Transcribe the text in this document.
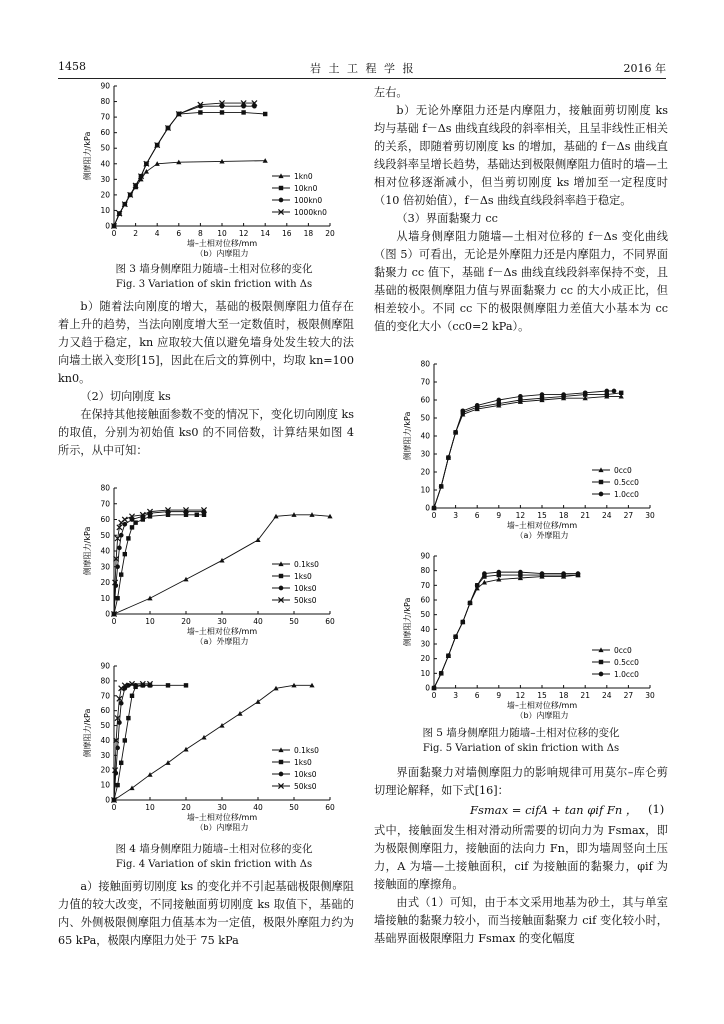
1458	岩 土 工 程 学 报	2016 年
0 2 4 6 8 10 12 14 16 18 20
0
10
20
30
40
50
60
70
80
90
墙–土相对位移/mm
（b）内摩阻力
侧摩阻力/kPa	1kn0
10kn0
100kn0
1000kn0
图 3 墙身侧摩阻力随墙–土相对位移的变化
Fig. 3 Variation of skin friction with Δs

b）随着法向刚度的增大，基础的极限侧摩阻力值存在着上升的趋势，当法向刚度增大至一定数值时，极限侧摩阻力又趋于稳定，kn 应取较大值以避免墙身处发生较大的法向墙土嵌入变形[15]，因此在后文的算例中，均取 kn=100 kn0。

（2）切向刚度 ks

在保持其他接触面参数不变的情况下，变化切向刚度 ks 的取值，分别为初始值 ks0 的不同倍数，计算结果如图 4 所示，从中可知：

0	10	20	30	40	50	60
0
10
20
30
40
50
60
70
80
墙–土相对位移/mm
（a）外摩阻力
侧摩阻力/kPa	0.1ks0
1ks0
10ks0
50ks0
0	10	20	30	40	50	60
0
10
20
30
40
50
60
70
80
90
墙–土相对位移/mm
（b）内摩阻力
侧摩阻力/kPa	0.1ks0
1ks0
10ks0
50ks0
图 4 墙身侧摩阻力随墙–土相对位移的变化
Fig. 4 Variation of skin friction with Δs

a）接触面剪切刚度 ks 的变化并不引起基础极限侧摩阻力值的较大改变，不同接触面剪切刚度 ks 取值下，基础的内、外侧极限侧摩阻力值基本为一定值，极限外摩阻力约为 65 kPa，极限内摩阻力处于 75 kPa

左右。

b）无论外摩阻力还是内摩阻力，接触面剪切刚度 ks 均与基础 f－Δs 曲线直线段的斜率相关，且呈非线性正相关的关系，即随着剪切刚度 ks 的增加，基础的 f－Δs 曲线直线段斜率呈增长趋势，基础达到极限侧摩阻力值时的墙—土相对位移逐渐减小，但当剪切刚度 ks 增加至一定程度时（10 倍初始值），f－Δs 曲线直线段斜率趋于稳定。

（3）界面黏聚力 cc

从墙身侧摩阻力随墙—土相对位移的 f－Δs 变化曲线（图 5）可看出，无论是外摩阻力还是内摩阻力，不同界面黏聚力 cc 值下，基础 f－Δs 曲线直线段斜率保持不变，且基础的极限侧摩阻力值与界面黏聚力 cc 的大小成正比，但相差较小。不同 cc 下的极限侧摩阻力差值大小基本为 cc 值的变化大小（cc0=2 kPa）。

0 3 6 9 12 15 18 21 24 27 30
0
10
20
30
40
50
60
70
80
墙–土相对位移/mm
（a）外摩阻力
侧摩阻力/kPa
0cc0
0.5cc0
1.0cc0
0 3 6 9 12 15 18 21 24 27 30
0
10
20
30
40
50
60
70
80
90
墙–土相对位移/mm
（b）内摩阻力
侧摩阻力/kPa
0cc0
0.5cc0
1.0cc0
图 5 墙身侧摩阻力随墙–土相对位移的变化
Fig. 5 Variation of skin friction with Δs

界面黏聚力对墙侧摩阻力的影响规律可用莫尔–库仑剪切理论解释，如下式[16]：

Fsmax = cifA + tan φif Fn ， (1)

式中，接触面发生相对滑动所需要的切向力为 Fsmax，即为极限侧摩阻力，接触面的法向力 Fn，即为墙周竖向土压力，A 为墙—土接触面积，cif 为接触面的黏聚力，φif 为接触面的摩擦角。

由式（1）可知，由于本文采用地基为砂土，其与单室墙接触的黏聚力较小，而当接触面黏聚力 cif 变化较小时，基础界面极限摩阻力 Fsmax 的变化幅度
